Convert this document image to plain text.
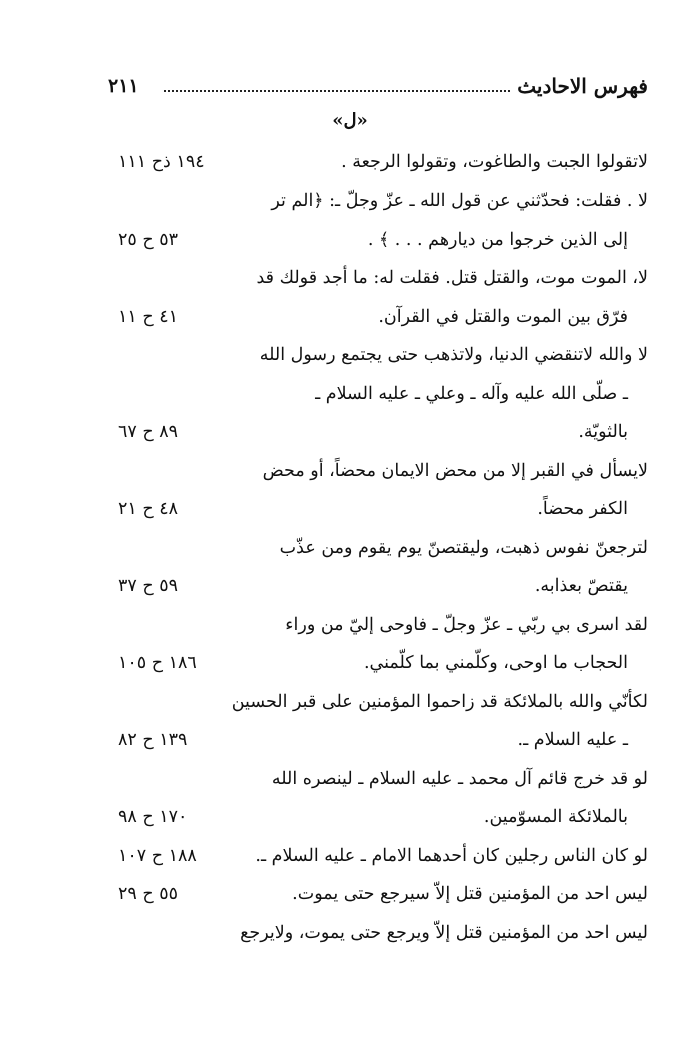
٢١١	فهرس الاحاديث
«ل»
لاتقولوا الجبت والطاغوت، وتقولوا الرجعة .
١٩٤ ذح ١١١
لا . فقلت: فحدّثني عن قول الله ـ عزّ وجلّ ـ: ﴿الم تر
إلى الذين خرجوا من ديارهم . . . ﴾ .
٥٣ ح ٢٥
لا، الموت موت، والقتل قتل. فقلت له: ما أجد قولك قد
فرّق بين الموت والقتل في القرآن.
٤١ ح ١١
لا والله لاتنقضي الدنيا، ولاتذهب حتى يجتمع رسول الله
ـ صلّى الله عليه وآله ـ وعلي ـ عليه السلام ـ
بالثويّة.
٨٩ ح ٦٧
لايسأل في القبر إلا من محض الايمان محضاً، أو محض
الكفر محضاً.
٤٨ ح ٢١
لترجعنّ نفوس ذهبت، وليقتصنّ يوم يقوم ومن عذّب
يقتصّ بعذابه.
٥٩ ح ٣٧
لقد اسرى بي ربّي ـ عزّ وجلّ ـ فاوحى إليّ من وراء
الحجاب ما اوحى، وكلّمني بما كلّمني.
١٨٦ ح ١٠٥
لكأنّي والله بالملائكة قد زاحموا المؤمنين على قبر الحسين
ـ عليه السلام ـ.
١٣٩ ح ٨٢
لو قد خرج قائم آل محمد ـ عليه السلام ـ لينصره الله
بالملائكة المسوّمين.
١٧٠ ح ٩٨
لو كان الناس رجلين كان أحدهما الامام ـ عليه السلام ـ.
١٨٨ ح ١٠٧
ليس احد من المؤمنين قتل إلاّ سيرجع حتى يموت.
٥٥ ح ٢٩
ليس احد من المؤمنين قتل إلاّ ويرجع حتى يموت، ولايرجع
